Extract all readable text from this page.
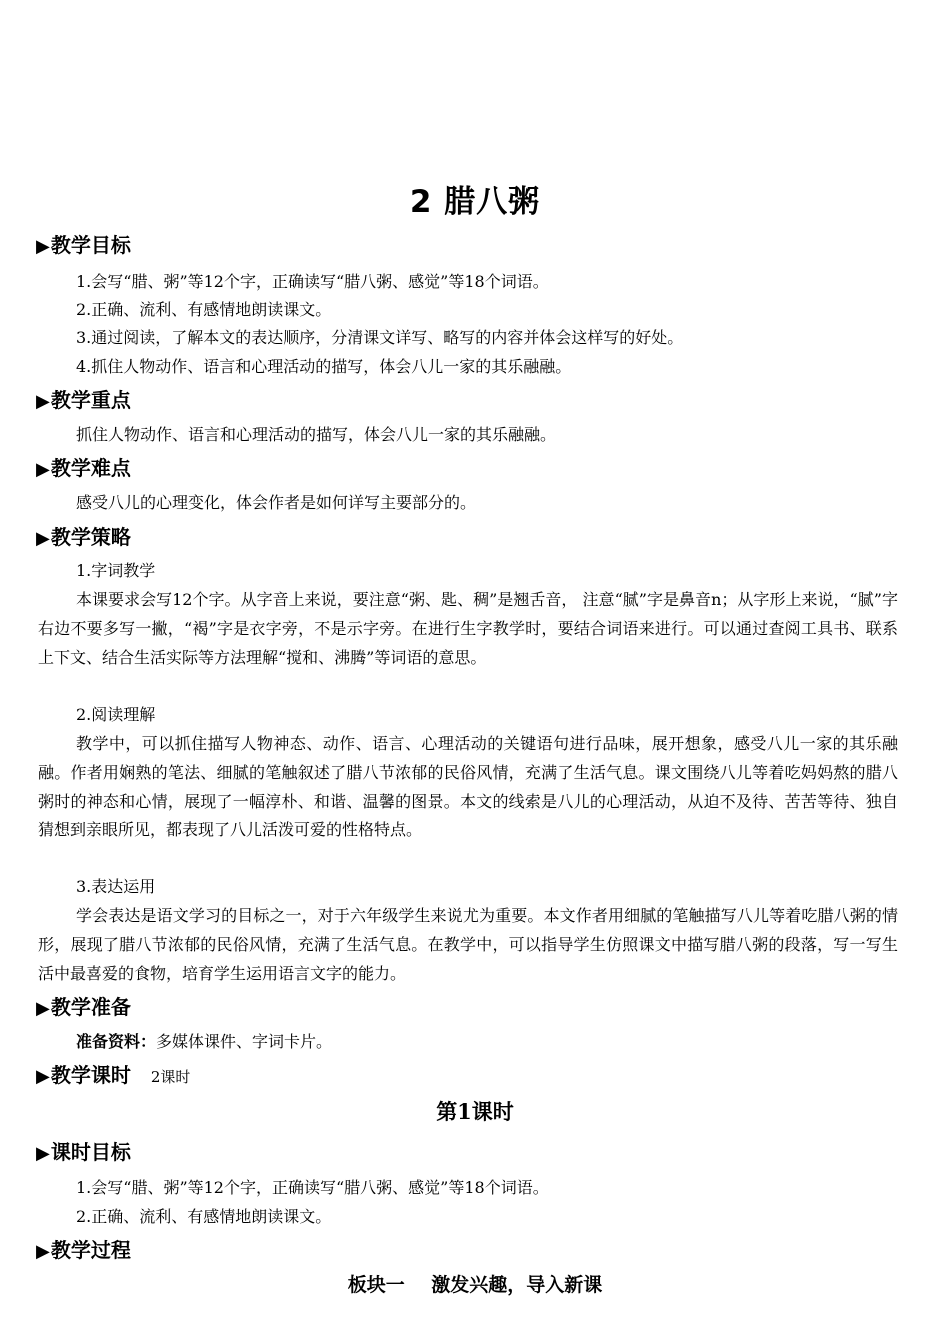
2 腊八粥
▶教学目标
1.会写“腊、粥”等12个字，正确读写“腊八粥、感觉”等18个词语。
2.正确、流利、有感情地朗读课文。
3.通过阅读，了解本文的表达顺序，分清课文详写、略写的内容并体会这样写的好处。
4.抓住人物动作、语言和心理活动的描写，体会八儿一家的其乐融融。
▶教学重点
抓住人物动作、语言和心理活动的描写，体会八儿一家的其乐融融。
▶教学难点
感受八儿的心理变化，体会作者是如何详写主要部分的。
▶教学策略
1.字词教学

本课要求会写12个字。从字音上来说，要注意“粥、匙、稠”是翘舌音， 注意“腻”字是鼻音n；从字形上来说，“腻”字右边不要多写一撇，“褐”字是衣字旁，不是示字旁。在进行生字教学时，要结合词语来进行。可以通过查阅工具书、联系上下文、结合生活实际等方法理解“搅和、沸腾”等词语的意思。

2.阅读理解

教学中，可以抓住描写人物神态、动作、语言、心理活动的关键语句进行品味，展开想象，感受八儿一家的其乐融融。作者用娴熟的笔法、细腻的笔触叙述了腊八节浓郁的民俗风情，充满了生活气息。课文围绕八儿等着吃妈妈熬的腊八粥时的神态和心情，展现了一幅淳朴、和谐、温馨的图景。本文的线索是八儿的心理活动，从迫不及待、苦苦等待、独自猜想到亲眼所见，都表现了八儿活泼可爱的性格特点。

3.表达运用

学会表达是语文学习的目标之一，对于六年级学生来说尤为重要。本文作者用细腻的笔触描写八儿等着吃腊八粥的情形，展现了腊八节浓郁的民俗风情，充满了生活气息。在教学中，可以指导学生仿照课文中描写腊八粥的段落，写一写生活中最喜爱的食物，培育学生运用语言文字的能力。

▶教学准备
准备资料：多媒体课件、字词卡片。
▶教学课时 2课时
第1课时
▶课时目标
1.会写“腊、粥”等12个字，正确读写“腊八粥、感觉”等18个词语。
2.正确、流利、有感情地朗读课文。
▶教学过程
板块一    激发兴趣，导入新课
